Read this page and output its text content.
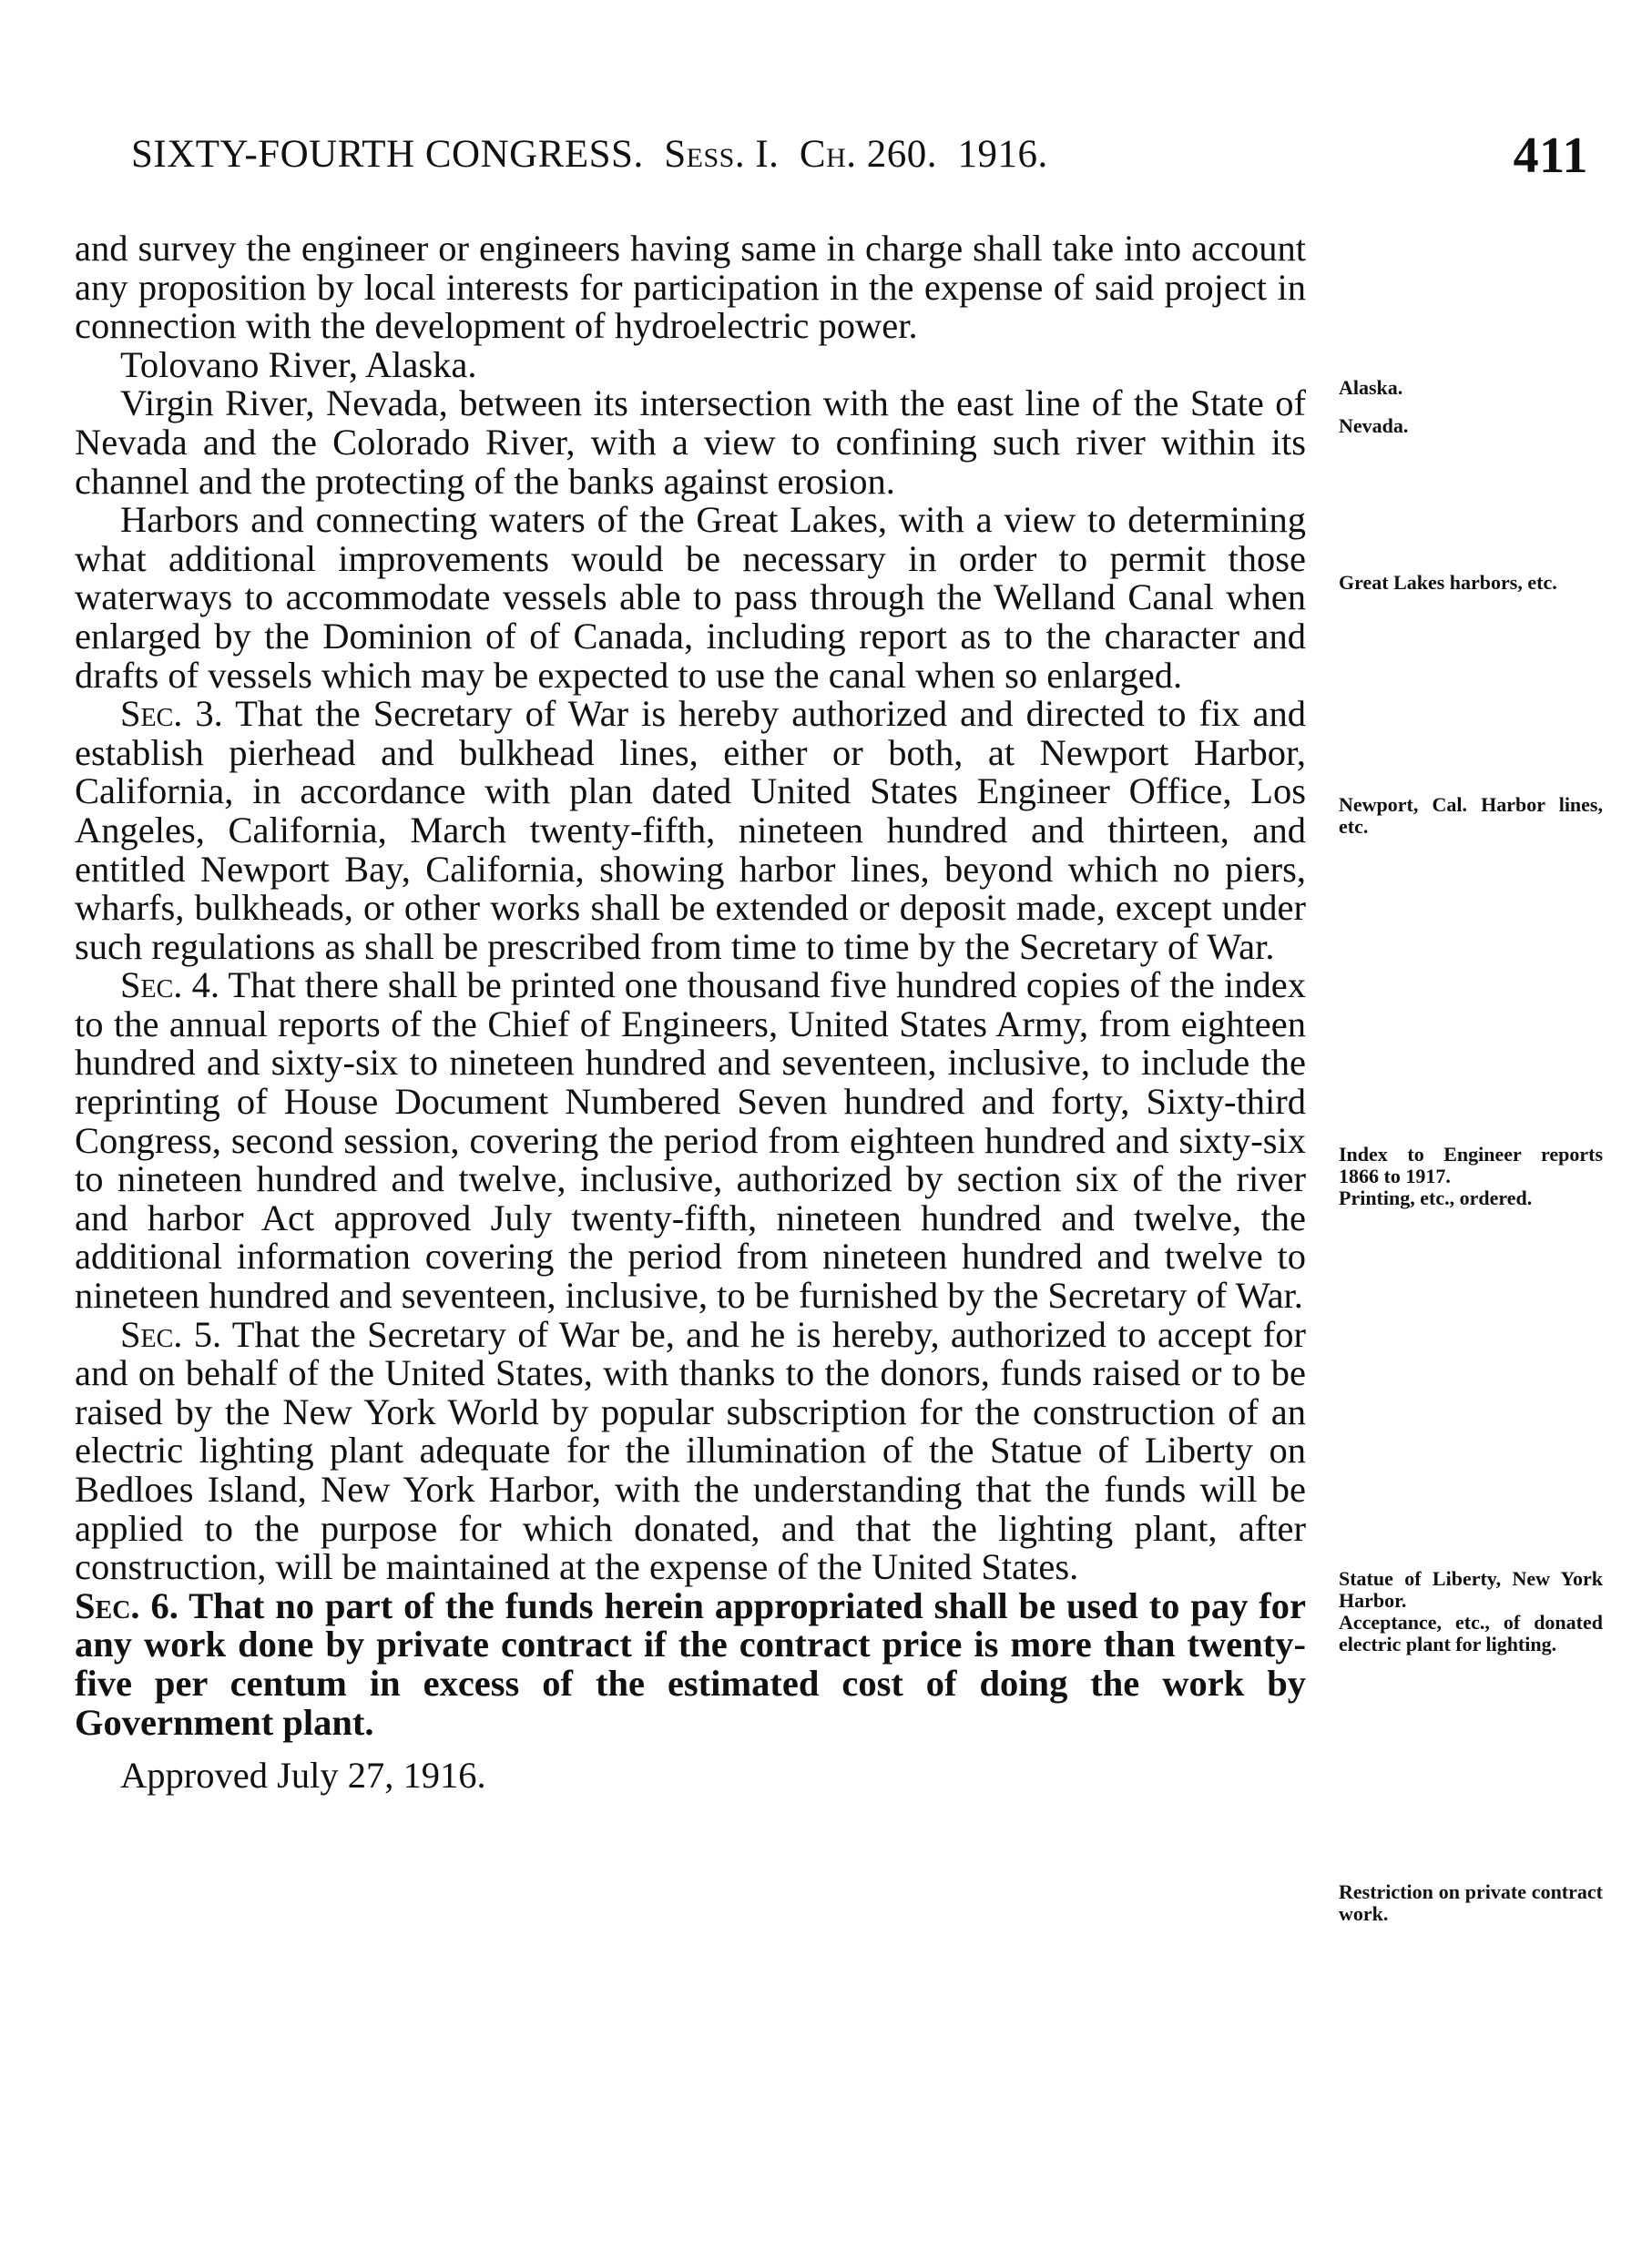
SIXTY-FOURTH CONGRESS. Sess. I. Ch. 260. 1916.	411

and survey the engineer or engineers having same in charge shall take into account any proposition by local interests for participation in the expense of said project in connection with the development of hydroelectric power.

Tolovano River, Alaska.

Virgin River, Nevada, between its intersection with the east line of the State of Nevada and the Colorado River, with a view to confining such river within its channel and the protecting of the banks against erosion.

Harbors and connecting waters of the Great Lakes, with a view to determining what additional improvements would be necessary in order to permit those waterways to accommodate vessels able to pass through the Welland Canal when enlarged by the Dominion of of Canada, including report as to the character and drafts of vessels which may be expected to use the canal when so enlarged.

Sec. 3. That the Secretary of War is hereby authorized and directed to fix and establish pierhead and bulkhead lines, either or both, at Newport Harbor, California, in accordance with plan dated United States Engineer Office, Los Angeles, California, March twenty-fifth, nineteen hundred and thirteen, and entitled Newport Bay, California, showing harbor lines, beyond which no piers, wharfs, bulkheads, or other works shall be extended or deposit made, except under such regulations as shall be prescribed from time to time by the Secretary of War.

Sec. 4. That there shall be printed one thousand five hundred copies of the index to the annual reports of the Chief of Engineers, United States Army, from eighteen hundred and sixty-six to nineteen hundred and seventeen, inclusive, to include the reprinting of House Document Numbered Seven hundred and forty, Sixty-third Congress, second session, covering the period from eighteen hundred and sixty-six to nineteen hundred and twelve, inclusive, authorized by section six of the river and harbor Act approved July twenty-fifth, nineteen hundred and twelve, the additional information covering the period from nineteen hundred and twelve to nineteen hundred and seventeen, inclusive, to be furnished by the Secretary of War.

Sec. 5. That the Secretary of War be, and he is hereby, authorized to accept for and on behalf of the United States, with thanks to the donors, funds raised or to be raised by the New York World by popular subscription for the construction of an electric lighting plant adequate for the illumination of the Statue of Liberty on Bedloes Island, New York Harbor, with the understanding that the funds will be applied to the purpose for which donated, and that the lighting plant, after construction, will be maintained at the expense of the United States.

Sec. 6. That no part of the funds herein appropriated shall be used to pay for any work done by private contract if the contract price is more than twenty-five per centum in excess of the estimated cost of doing the work by Government plant.

Approved July 27, 1916.

Alaska.
Nevada.
Great Lakes harbors, etc.
Newport, Cal. Harbor lines, etc.
Index to Engineer reports 1866 to 1917.
Printing, etc., ordered.
Statue of Liberty, New York Harbor.
Acceptance, etc., of donated electric plant for lighting.
Restriction on private contract work.
